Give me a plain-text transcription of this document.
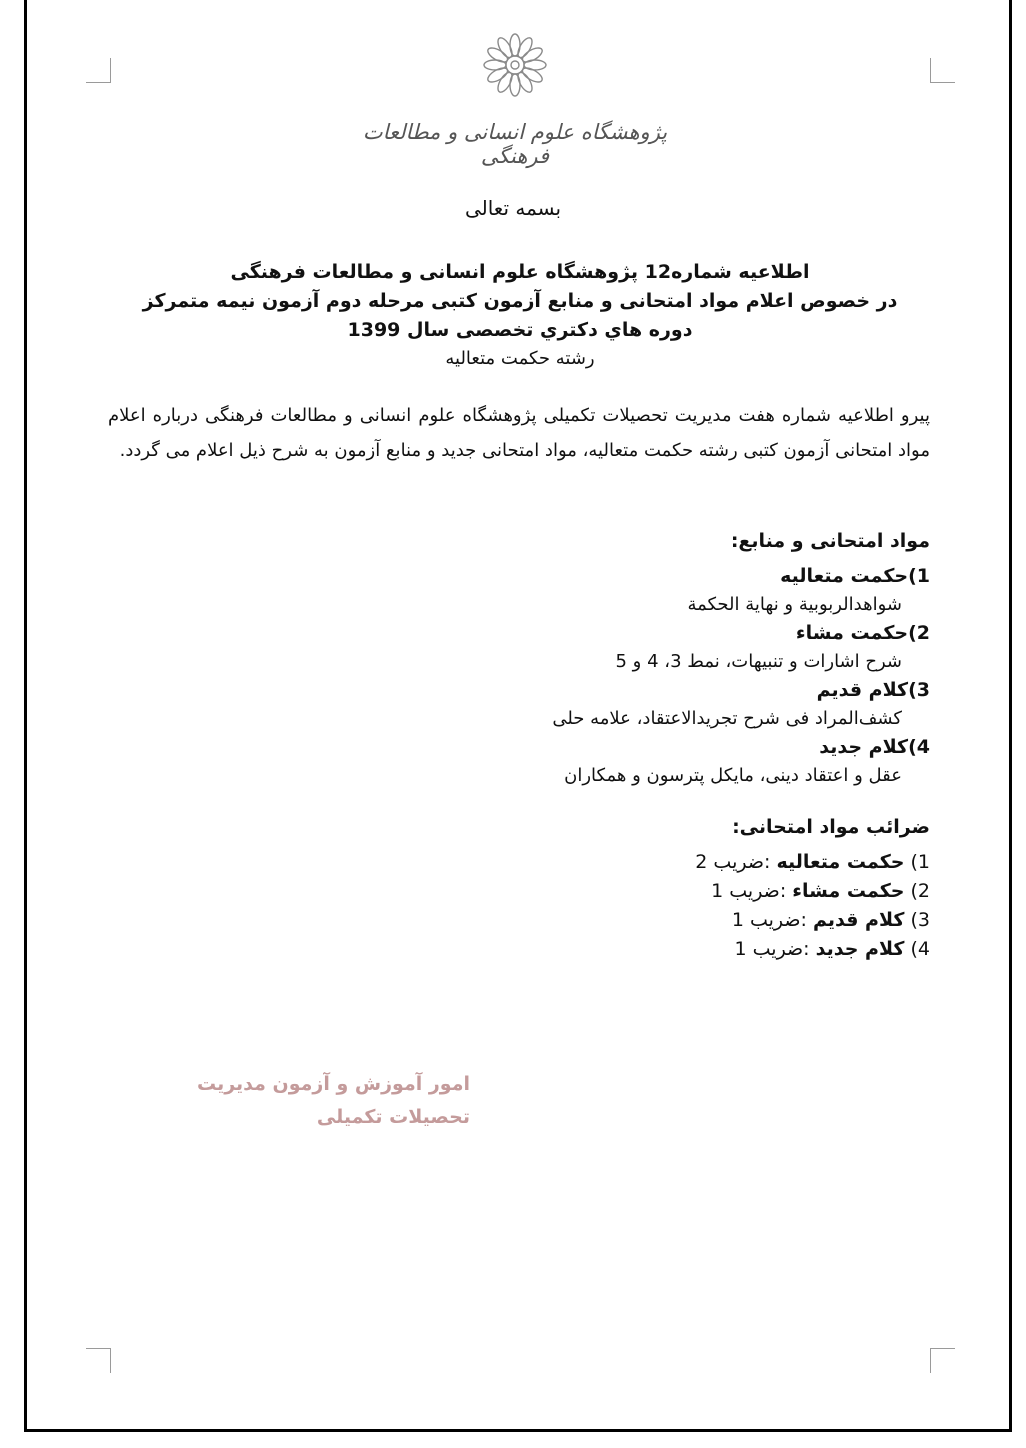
پژوهشگاه علوم انسانی و مطالعات فرهنگی
بسمه تعالی

اطلاعیه شماره12 پژوهشگاه علوم انسانی و مطالعات فرهنگی

در خصوص اعلام مواد امتحانی و منابع آزمون کتبی مرحله دوم آزمون نیمه متمرکز

دوره هاي دکتري تخصصی سال 1399

رشته حکمت متعالیه

پیرو اطلاعیه شماره هفت مدیریت تحصیلات تکمیلی پژوهشگاه علوم انسانی و مطالعات فرهنگی درباره اعلام مواد امتحانی آزمون کتبی رشته حکمت متعالیه، مواد امتحانی جدید و منابع آزمون به شرح ذیل اعلام می گردد.
مواد امتحانی و منابع:
1)حکمت متعالیه
شواهدالربوبیة و نهایة الحکمة
2)حکمت مشاء
شرح اشارات و تنبیهات، نمط 3، 4 و 5
3)کلام قدیم
کشف‌المراد فی شرح تجریدالاعتقاد، علامه حلی
4)کلام جدید
عقل و اعتقاد دینی، مایکل پترسون و همکاران
ضرائب مواد امتحانی:
1) حکمت متعالیه :ضریب 2
2) حکمت مشاء :ضریب 1
3) کلام قدیم :ضریب 1
4) کلام جدید :ضریب 1
امور آموزش و آزمون مدیریت تحصیلات تکمیلی
